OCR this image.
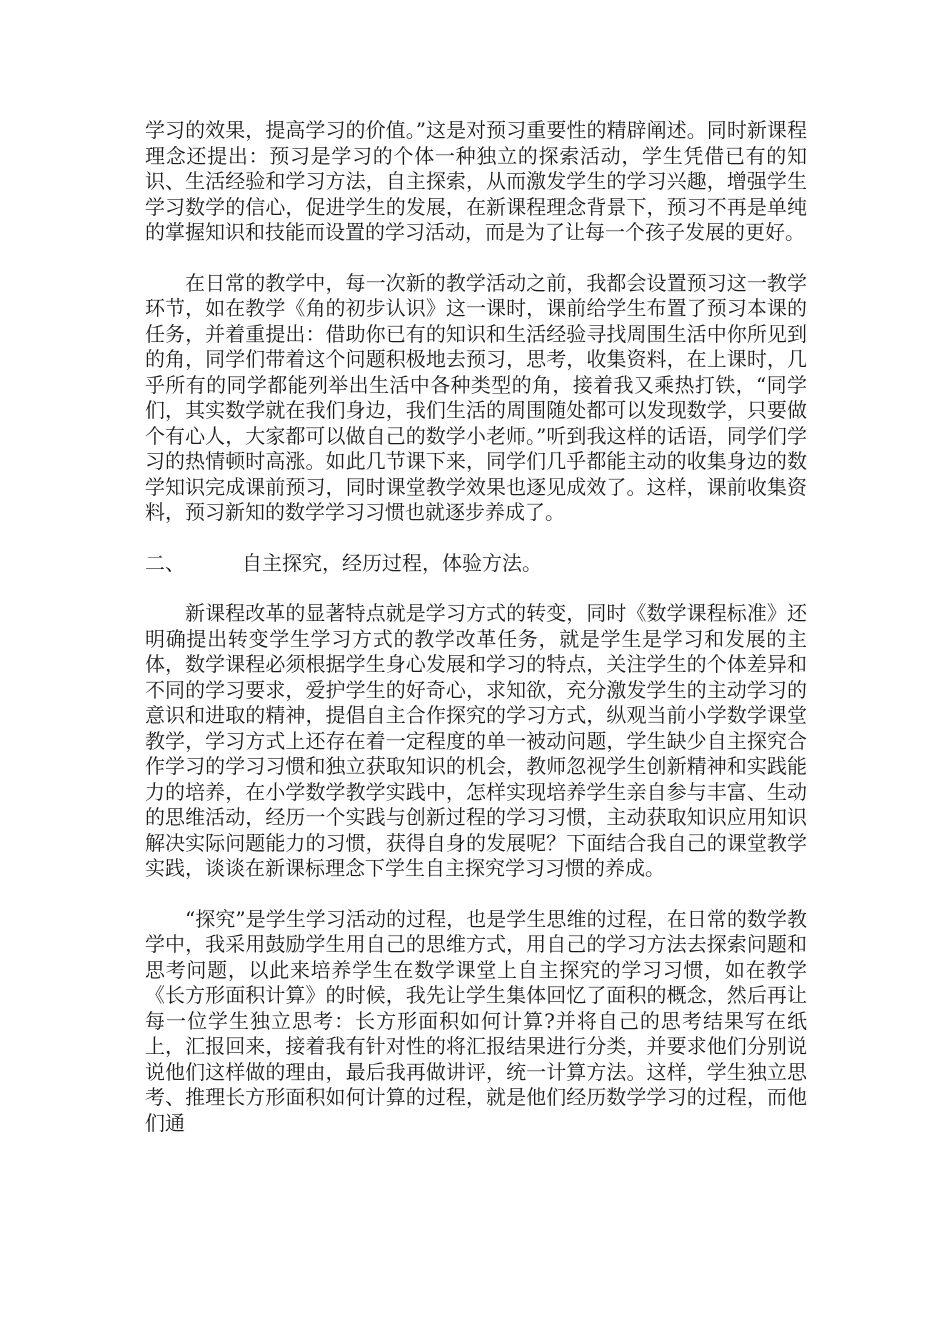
学习的效果，提高学习的价值。”这是对预习重要性的精辟阐述。同时新课程理念还提出：预习是学习的个体一种独立的探索活动，学生凭借已有的知识、生活经验和学习方法，自主探索，从而激发学生的学习兴趣，增强学生学习数学的信心，促进学生的发展，在新课程理念背景下，预习不再是单纯的掌握知识和技能而设置的学习活动，而是为了让每一个孩子发展的更好。

在日常的教学中，每一次新的教学活动之前，我都会设置预习这一教学环节，如在教学《角的初步认识》这一课时，课前给学生布置了预习本课的任务，并着重提出：借助你已有的知识和生活经验寻找周围生活中你所见到的角，同学们带着这个问题积极地去预习，思考，收集资料，在上课时，几乎所有的同学都能列举出生活中各种类型的角，接着我又乘热打铁，“同学们，其实数学就在我们身边，我们生活的周围随处都可以发现数学，只要做个有心人，大家都可以做自己的数学小老师。”听到我这样的话语，同学们学习的热情顿时高涨。如此几节课下来，同学们几乎都能主动的收集身边的数学知识完成课前预习，同时课堂教学效果也逐见成效了。这样，课前收集资料，预习新知的数学学习习惯也就逐步养成了。

二、	自主探究，经历过程，体验方法。

新课程改革的显著特点就是学习方式的转变，同时《数学课程标准》还明确提出转变学生学习方式的教学改革任务，就是学生是学习和发展的主体，数学课程必须根据学生身心发展和学习的特点，关注学生的个体差异和不同的学习要求，爱护学生的好奇心，求知欲，充分激发学生的主动学习的意识和进取的精神，提倡自主合作探究的学习方式，纵观当前小学数学课堂教学，学习方式上还存在着一定程度的单一被动问题，学生缺少自主探究合作学习的学习习惯和独立获取知识的机会，教师忽视学生创新精神和实践能力的培养，在小学数学教学实践中，怎样实现培养学生亲自参与丰富、生动的思维活动，经历一个实践与创新过程的学习习惯，主动获取知识应用知识解决实际问题能力的习惯，获得自身的发展呢？下面结合我自己的课堂教学实践，谈谈在新课标理念下学生自主探究学习习惯的养成。

“探究”是学生学习活动的过程，也是学生思维的过程，在日常的数学教学中，我采用鼓励学生用自己的思维方式，用自己的学习方法去探索问题和思考问题，以此来培养学生在数学课堂上自主探究的学习习惯，如在教学《长方形面积计算》的时候，我先让学生集体回忆了面积的概念，然后再让每一位学生独立思考：长方形面积如何计算?并将自己的思考结果写在纸上，汇报回来，接着我有针对性的将汇报结果进行分类，并要求他们分别说说他们这样做的理由，最后我再做讲评，统一计算方法。这样，学生独立思考、推理长方形面积如何计算的过程，就是他们经历数学学习的过程，而他们通
